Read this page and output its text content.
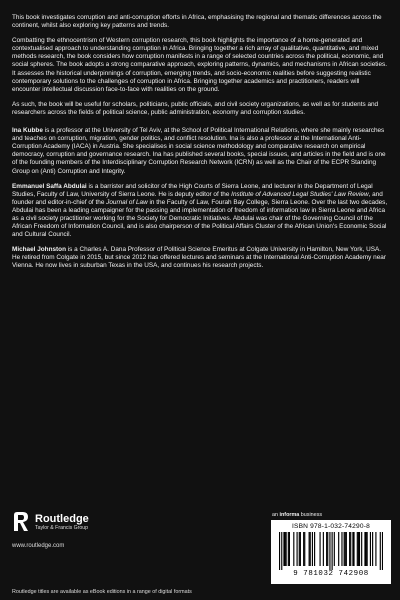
This book investigates corruption and anti-corruption efforts in Africa, emphasising the regional and thematic differences across the continent, whilst also exploring key patterns and trends.

Combatting the ethnocentrism of Western corruption research, this book highlights the importance of a home-generated and contextualised approach to understanding corruption in Africa. Bringing together a rich array of qualitative, quantitative, and mixed methods research, the book considers how corruption manifests in a range of selected countries across the political, economic, and social spheres. The book adopts a strong comparative approach, exploring patterns, dynamics, and mechanisms in African societies. It assesses the historical underpinnings of corruption, emerging trends, and socio-economic realities before suggesting realistic contemporary solutions to the challenges of corruption in Africa. Bringing together academics and practitioners, readers will encounter intellectual discussion face-to-face with realities on the ground.

As such, the book will be useful for scholars, politicians, public officials, and civil society organizations, as well as for students and researchers across the fields of political science, public administration, economy and corruption studies.

Ina Kubbe is a professor at the University of Tel Aviv, at the School of Political International Relations, where she mainly researches and teaches on corruption, migration, gender politics, and conflict resolution. Ina is also a professor at the International Anti-Corruption Academy (IACA) in Austria. She specialises in social science methodology and comparative research on empirical democracy, corruption and governance research. Ina has published several books, special issues, and articles in the field and is one of the founding members of the Interdisciplinary Corruption Research Network (ICRN) as well as the Chair of the ECPR Standing Group on (Anti) Corruption and Integrity.

Emmanuel Saffa Abdulai is a barrister and solicitor of the High Courts of Sierra Leone, and lecturer in the Department of Legal Studies, Faculty of Law, University of Sierra Leone. He is deputy editor of the Institute of Advanced Legal Studies' Law Review, and founder and editor-in-chief of the Journal of Law in the Faculty of Law, Fourah Bay College, Sierra Leone. Over the last two decades, Abdulai has been a leading campaigner for the passing and implementation of freedom of information law in Sierra Leone and Africa as a civil society practitioner working for the Society for Democratic Initiatives. Abdulai was chair of the Governing Council of the African Freedom of Information Council, and is also chairperson of the Political Affairs Cluster of the African Union's Economic Social and Cultural Council.

Michael Johnston is a Charles A. Dana Professor of Political Science Emeritus at Colgate University in Hamilton, New York, USA. He retired from Colgate in 2015, but since 2012 has offered lectures and seminars at the International Anti-Corruption Academy near Vienna. He now lives in suburban Texas in the USA, and continues his research projects.

Routledge
Taylor & Francis Group
www.routledge.com
Routledge titles are available as eBook editions in a range of digital formats
an informa business
ISBN 978-1-032-74290-8
9 781032 742908
